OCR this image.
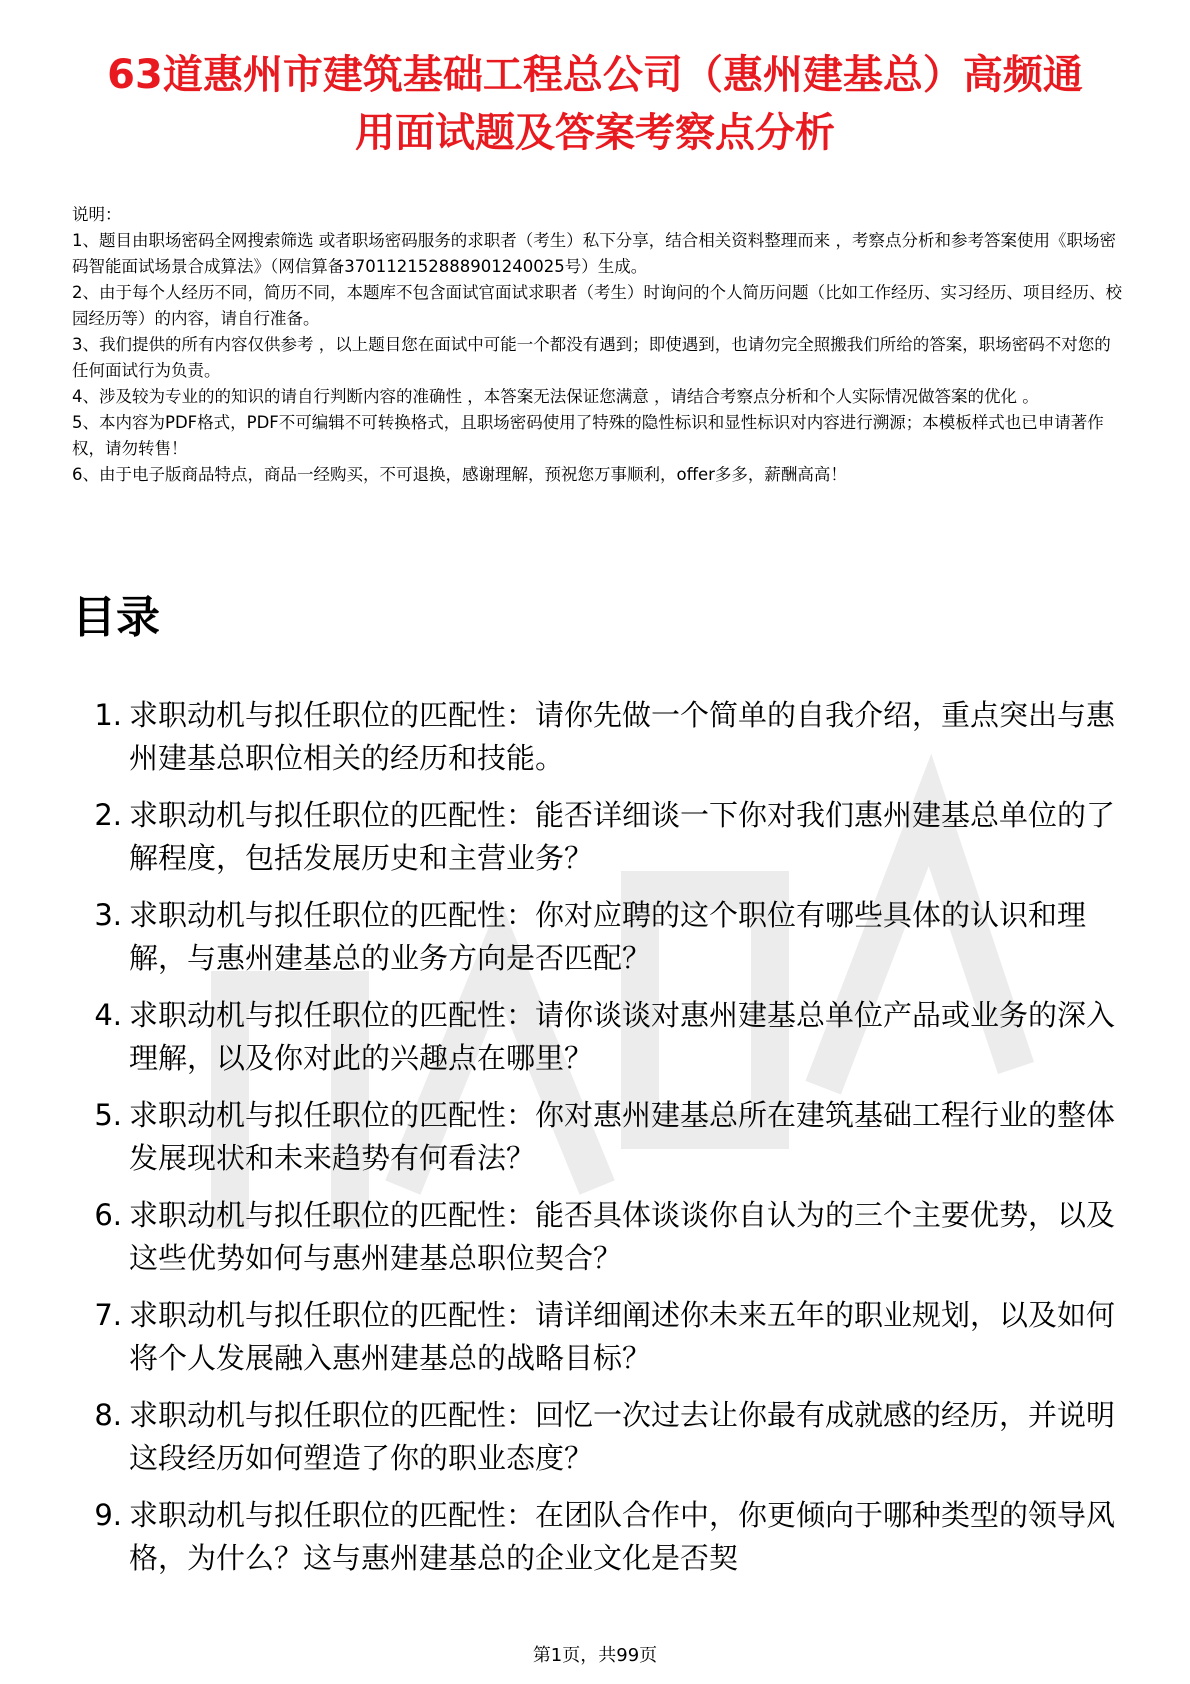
63道惠州市建筑基础工程总公司（惠州建基总）高频通用面试题及答案考察点分析

说明：

1、题目由职场密码全网搜索筛选 或者职场密码服务的求职者（考生）私下分享，结合相关资料整理而来 ，考察点分析和参考答案使用《职场密码智能面试场景合成算法》（网信算备370112152888901240025号）生成。

2、由于每个人经历不同，简历不同，本题库不包含面试官面试求职者（考生）时询问的个人简历问题（比如工作经历、实习经历、项目经历、校园经历等）的内容，请自行准备。

3、我们提供的所有内容仅供参考 ，以上题目您在面试中可能一个都没有遇到；即使遇到，也请勿完全照搬我们所给的答案，职场密码不对您的任何面试行为负责。

4、涉及较为专业的的知识的请自行判断内容的准确性 ，本答案无法保证您满意 ，请结合考察点分析和个人实际情况做答案的优化 。

5、本内容为PDF格式，PDF不可编辑不可转换格式，且职场密码使用了特殊的隐性标识和显性标识对内容进行溯源；本模板样式也已申请著作权，请勿转售！

6、由于电子版商品特点，商品一经购买，不可退换，感谢理解，预祝您万事顺利，offer多多，薪酬高高！

目录
1. 求职动机与拟任职位的匹配性：请你先做一个简单的自我介绍，重点突出与惠州建基总职位相关的经历和技能。
2. 求职动机与拟任职位的匹配性：能否详细谈一下你对我们惠州建基总单位的了解程度，包括发展历史和主营业务？
3. 求职动机与拟任职位的匹配性：你对应聘的这个职位有哪些具体的认识和理解，与惠州建基总的业务方向是否匹配？
4. 求职动机与拟任职位的匹配性：请你谈谈对惠州建基总单位产品或业务的深入理解，以及你对此的兴趣点在哪里？
5. 求职动机与拟任职位的匹配性：你对惠州建基总所在建筑基础工程行业的整体发展现状和未来趋势有何看法？
6. 求职动机与拟任职位的匹配性：能否具体谈谈你自认为的三个主要优势，以及这些优势如何与惠州建基总职位契合？
7. 求职动机与拟任职位的匹配性：请详细阐述你未来五年的职业规划，以及如何将个人发展融入惠州建基总的战略目标？
8. 求职动机与拟任职位的匹配性：回忆一次过去让你最有成就感的经历，并说明这段经历如何塑造了你的职业态度？
9. 求职动机与拟任职位的匹配性：在团队合作中，你更倾向于哪种类型的领导风格，为什么？这与惠州建基总的企业文化是否契
第1页，共99页
